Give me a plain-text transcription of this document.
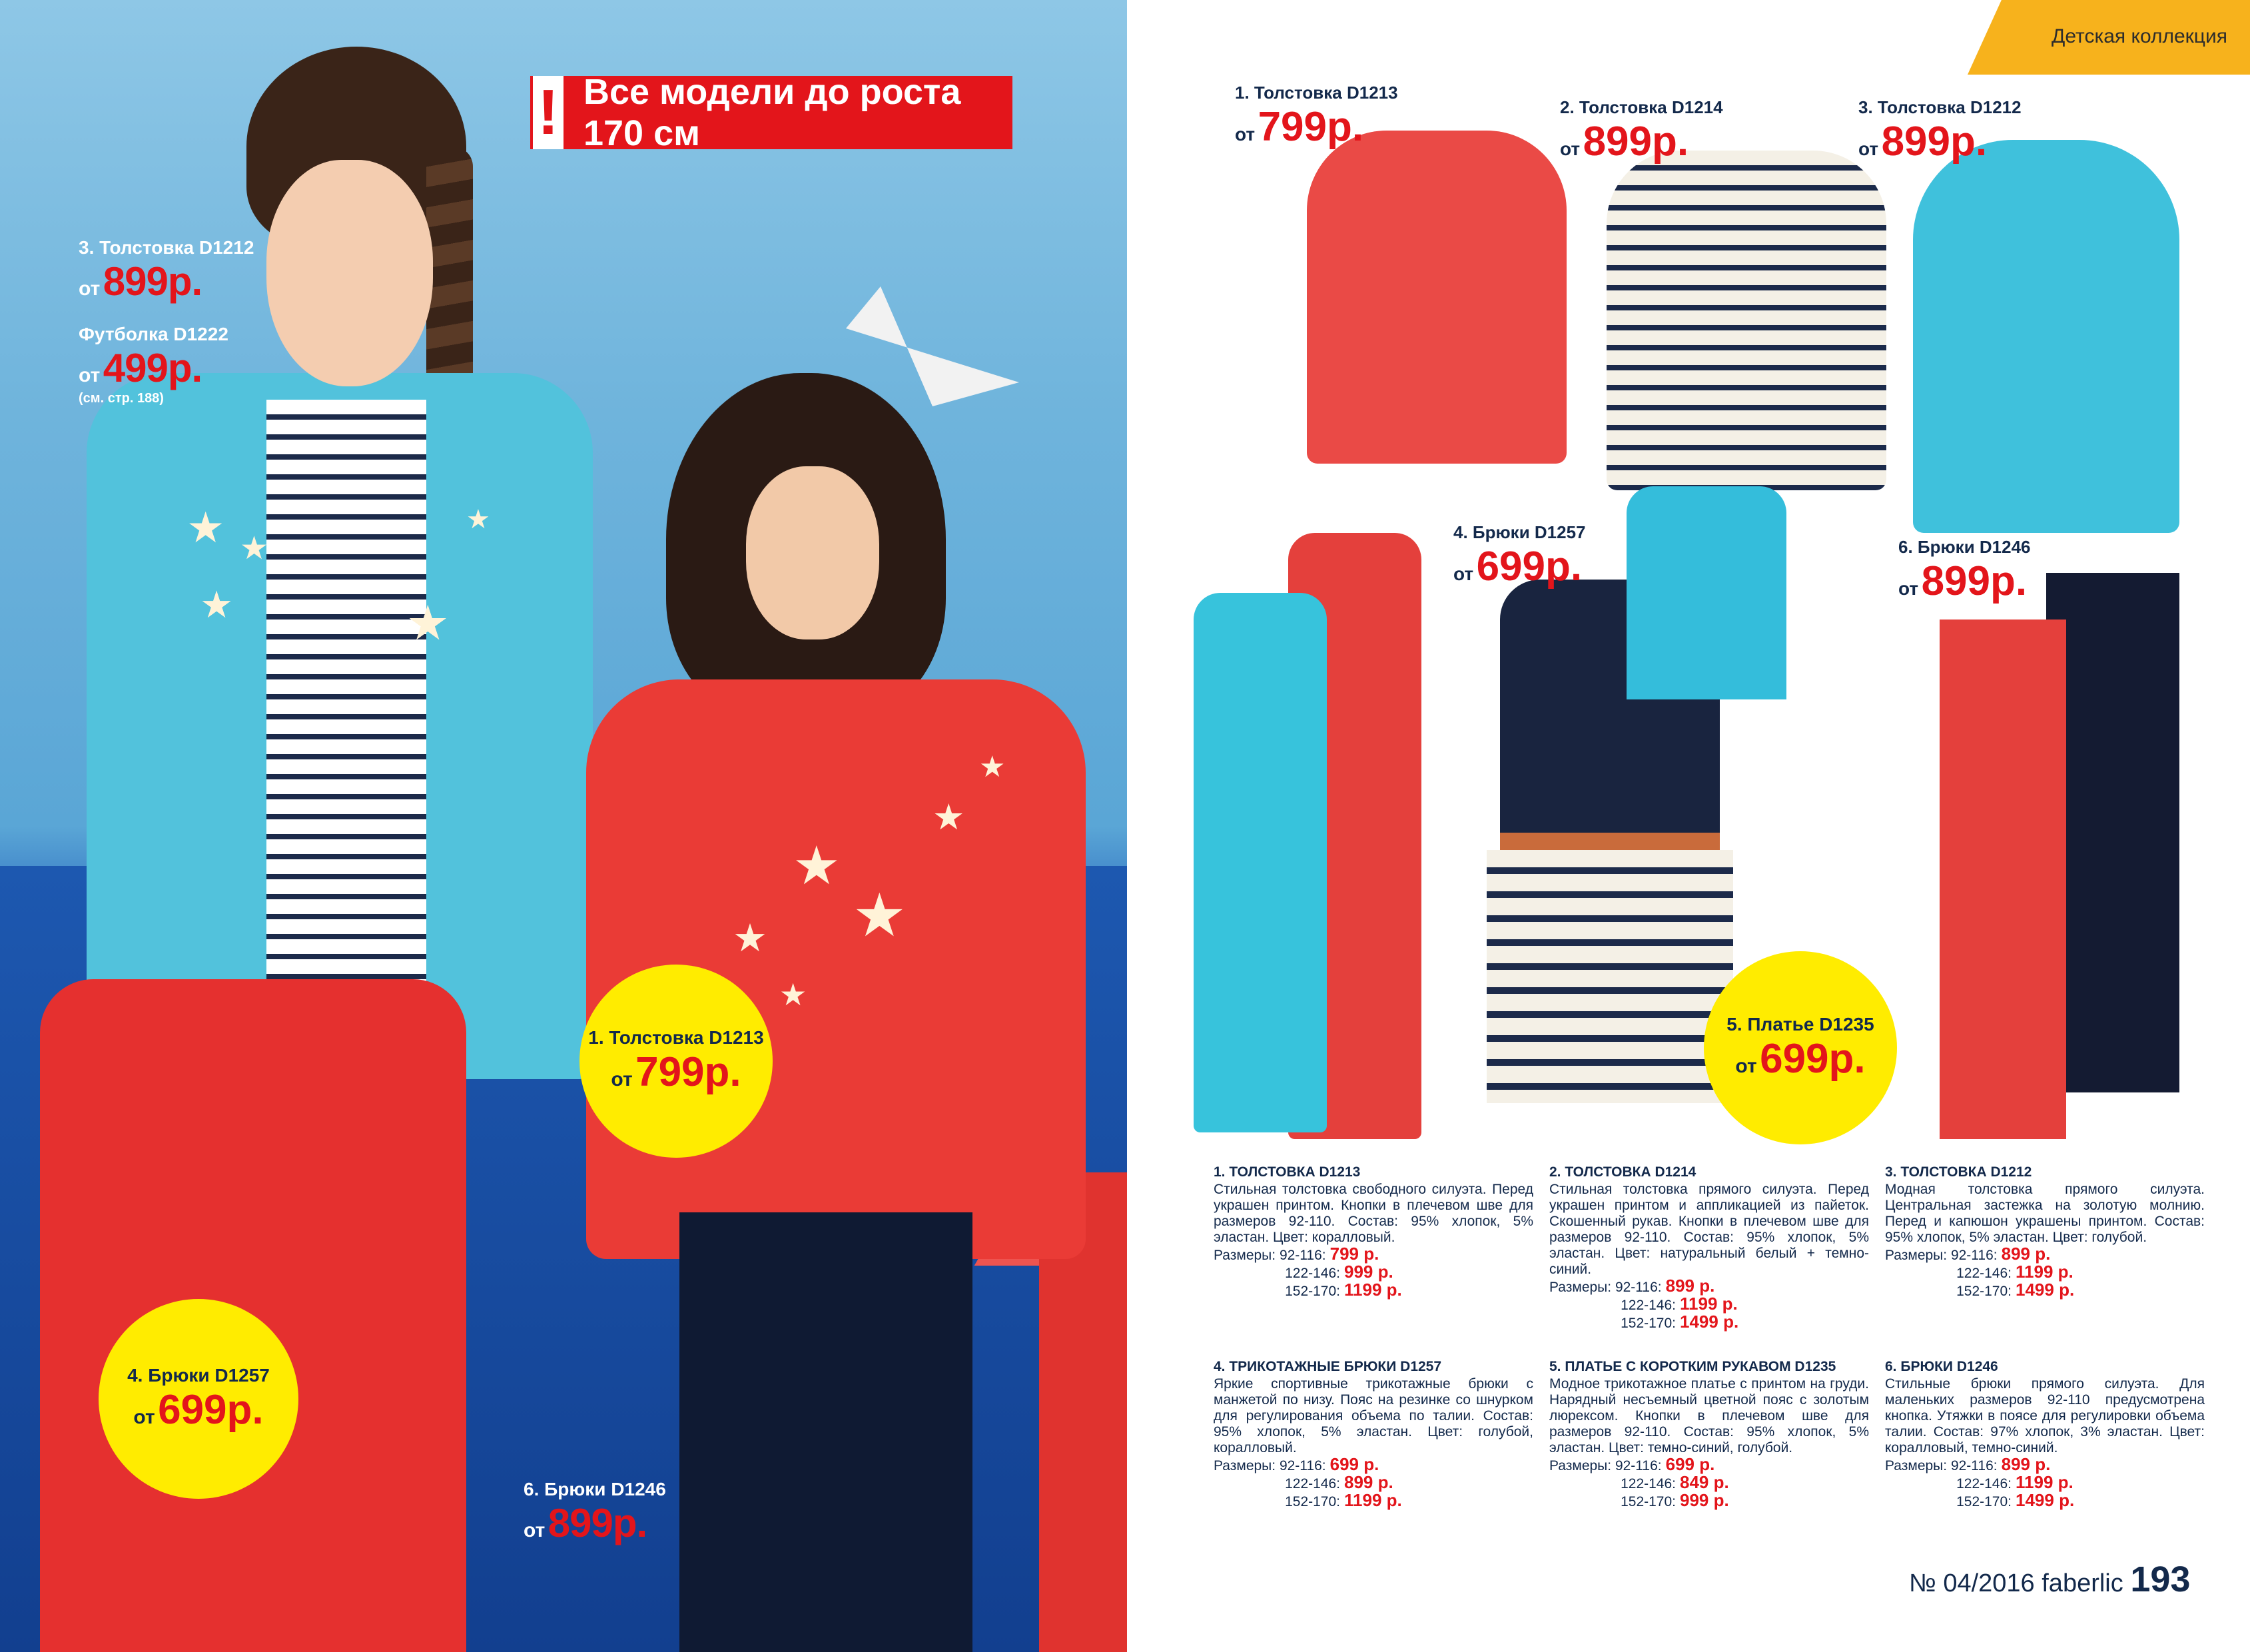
★ ★
★	★
★
★
★
★
★
★
★
! Все модели до роста 170 см
3. Толстовка D1212
от 899р.
Футболка D1222
от 499р.
(см. стр. 188)
6. Брюки D1246
от 899р.
1. Толстовка D1213
от 799р.
4. Брюки D1257
от 699р.
Детская коллекция
1. Толстовка D1213
от 799р.	2. Толстовка D1214
от 899р.
3. Толстовка D1212
от 899р.
4. Брюки D1257
от 699р.	6. Брюки D1246
от 899р.
5. Платье D1235
от 699р.
1. ТОЛСТОВКА D1213

Стильная толстовка свободного силуэта. Перед украшен принтом. Кнопки в плечевом шве для размеров 92-110. Состав: 95% хлопок, 5% эластан. Цвет: коралловый.

Размеры: 92-116: 799 р.
122-146: 999 р.
152-170: 1199 р.
2. ТОЛСТОВКА D1214

Стильная толстовка прямого силуэта. Перед украшен принтом и аппликацией из пайеток. Скошенный рукав. Кнопки в плечевом шве для размеров 92-110. Состав: 95% хлопок, 5% эластан. Цвет: натуральный белый + темно-синий.

Размеры: 92-116: 899 р.
122-146: 1199 р.
152-170: 1499 р.
3. ТОЛСТОВКА D1212

Модная толстовка прямого силуэта. Центральная застежка на золотую молнию. Перед и капюшон украшены принтом. Состав: 95% хлопок, 5% эластан. Цвет: голубой.

Размеры: 92-116: 899 р.
122-146: 1199 р.
152-170: 1499 р.
4. ТРИКОТАЖНЫЕ БРЮКИ D1257

Яркие спортивные трикотажные брюки с манжетой по низу. Пояс на резинке со шнурком для регулирования объема по талии. Состав: 95% хлопок, 5% эластан. Цвет: голубой, коралловый.

Размеры: 92-116: 699 р.
122-146: 899 р.
152-170: 1199 р.
5. ПЛАТЬЕ С КОРОТКИМ РУКАВОМ D1235

Модное трикотажное платье с принтом на груди. Нарядный несъемный цветной пояс с золотым люрексом. Кнопки в плечевом шве для размеров 92-110. Состав: 95% хлопок, 5% эластан. Цвет: темно-синий, голубой.

Размеры: 92-116: 699 р.
122-146: 849 р.
152-170: 999 р.
6. БРЮКИ D1246

Стильные брюки прямого силуэта. Для маленьких размеров 92-110 предусмотрена кнопка. Утяжки в поясе для регулировки объема талии. Состав: 97% хлопок, 3% эластан. Цвет: коралловый, темно-синий.

Размеры: 92-116: 899 р.
122-146: 1199 р.
152-170: 1499 р.
№ 04/2016 faberlic 193
